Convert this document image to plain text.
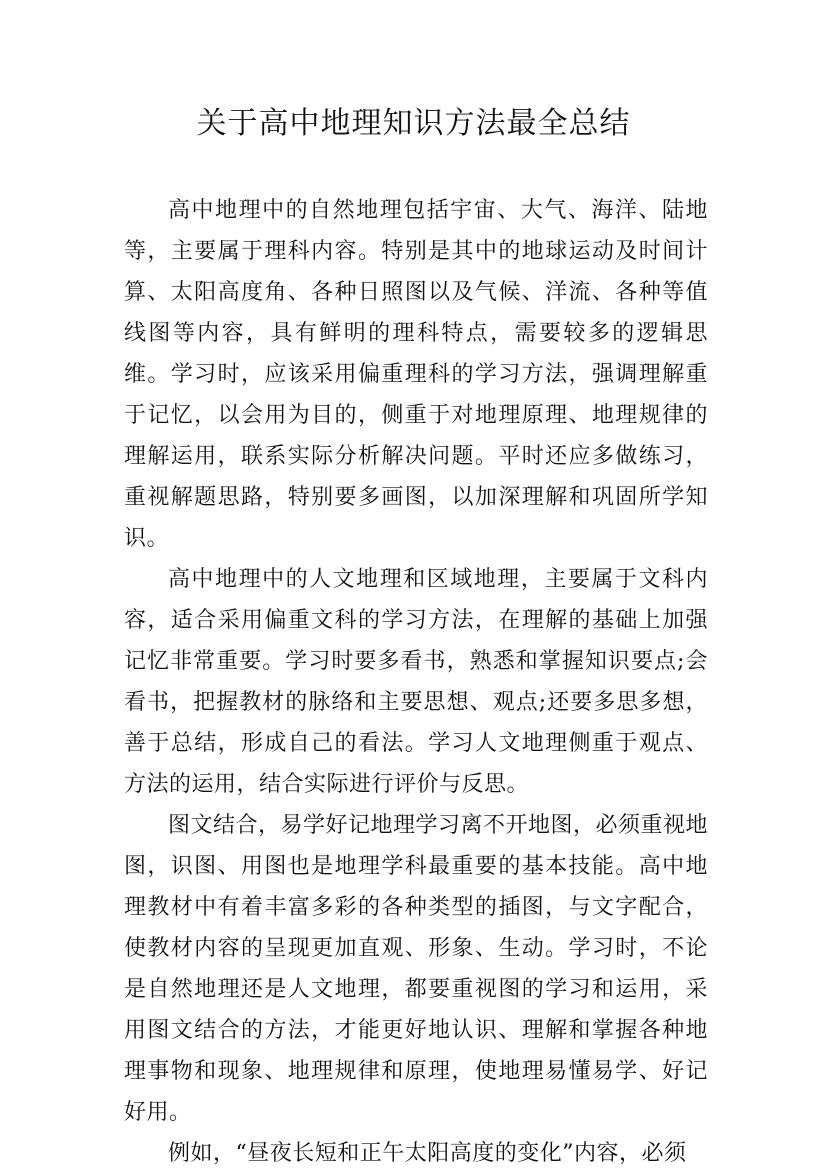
关于高中地理知识方法最全总结

高中地理中的自然地理包括宇宙、大气、海洋、陆地等，主要属于理科内容。特别是其中的地球运动及时间计算、太阳高度角、各种日照图以及气候、洋流、各种等值线图等内容，具有鲜明的理科特点，需要较多的逻辑思维。学习时，应该采用偏重理科的学习方法，强调理解重于记忆，以会用为目的，侧重于对地理原理、地理规律的理解运用，联系实际分析解决问题。平时还应多做练习，重视解题思路，特别要多画图，以加深理解和巩固所学知识。

高中地理中的人文地理和区域地理，主要属于文科内容，适合采用偏重文科的学习方法，在理解的基础上加强记忆非常重要。学习时要多看书，熟悉和掌握知识要点;会看书，把握教材的脉络和主要思想、观点;还要多思多想，善于总结，形成自己的看法。学习人文地理侧重于观点、方法的运用，结合实际进行评价与反思。

图文结合，易学好记地理学习离不开地图，必须重视地图，识图、用图也是地理学科最重要的基本技能。高中地理教材中有着丰富多彩的各种类型的插图，与文字配合，使教材内容的呈现更加直观、形象、生动。学习时，不论是自然地理还是人文地理，都要重视图的学习和运用，采用图文结合的方法，才能更好地认识、理解和掌握各种地理事物和现象、地理规律和原理，使地理易懂易学、好记好用。

例如，“昼夜长短和正午太阳高度的变化”内容，必须
